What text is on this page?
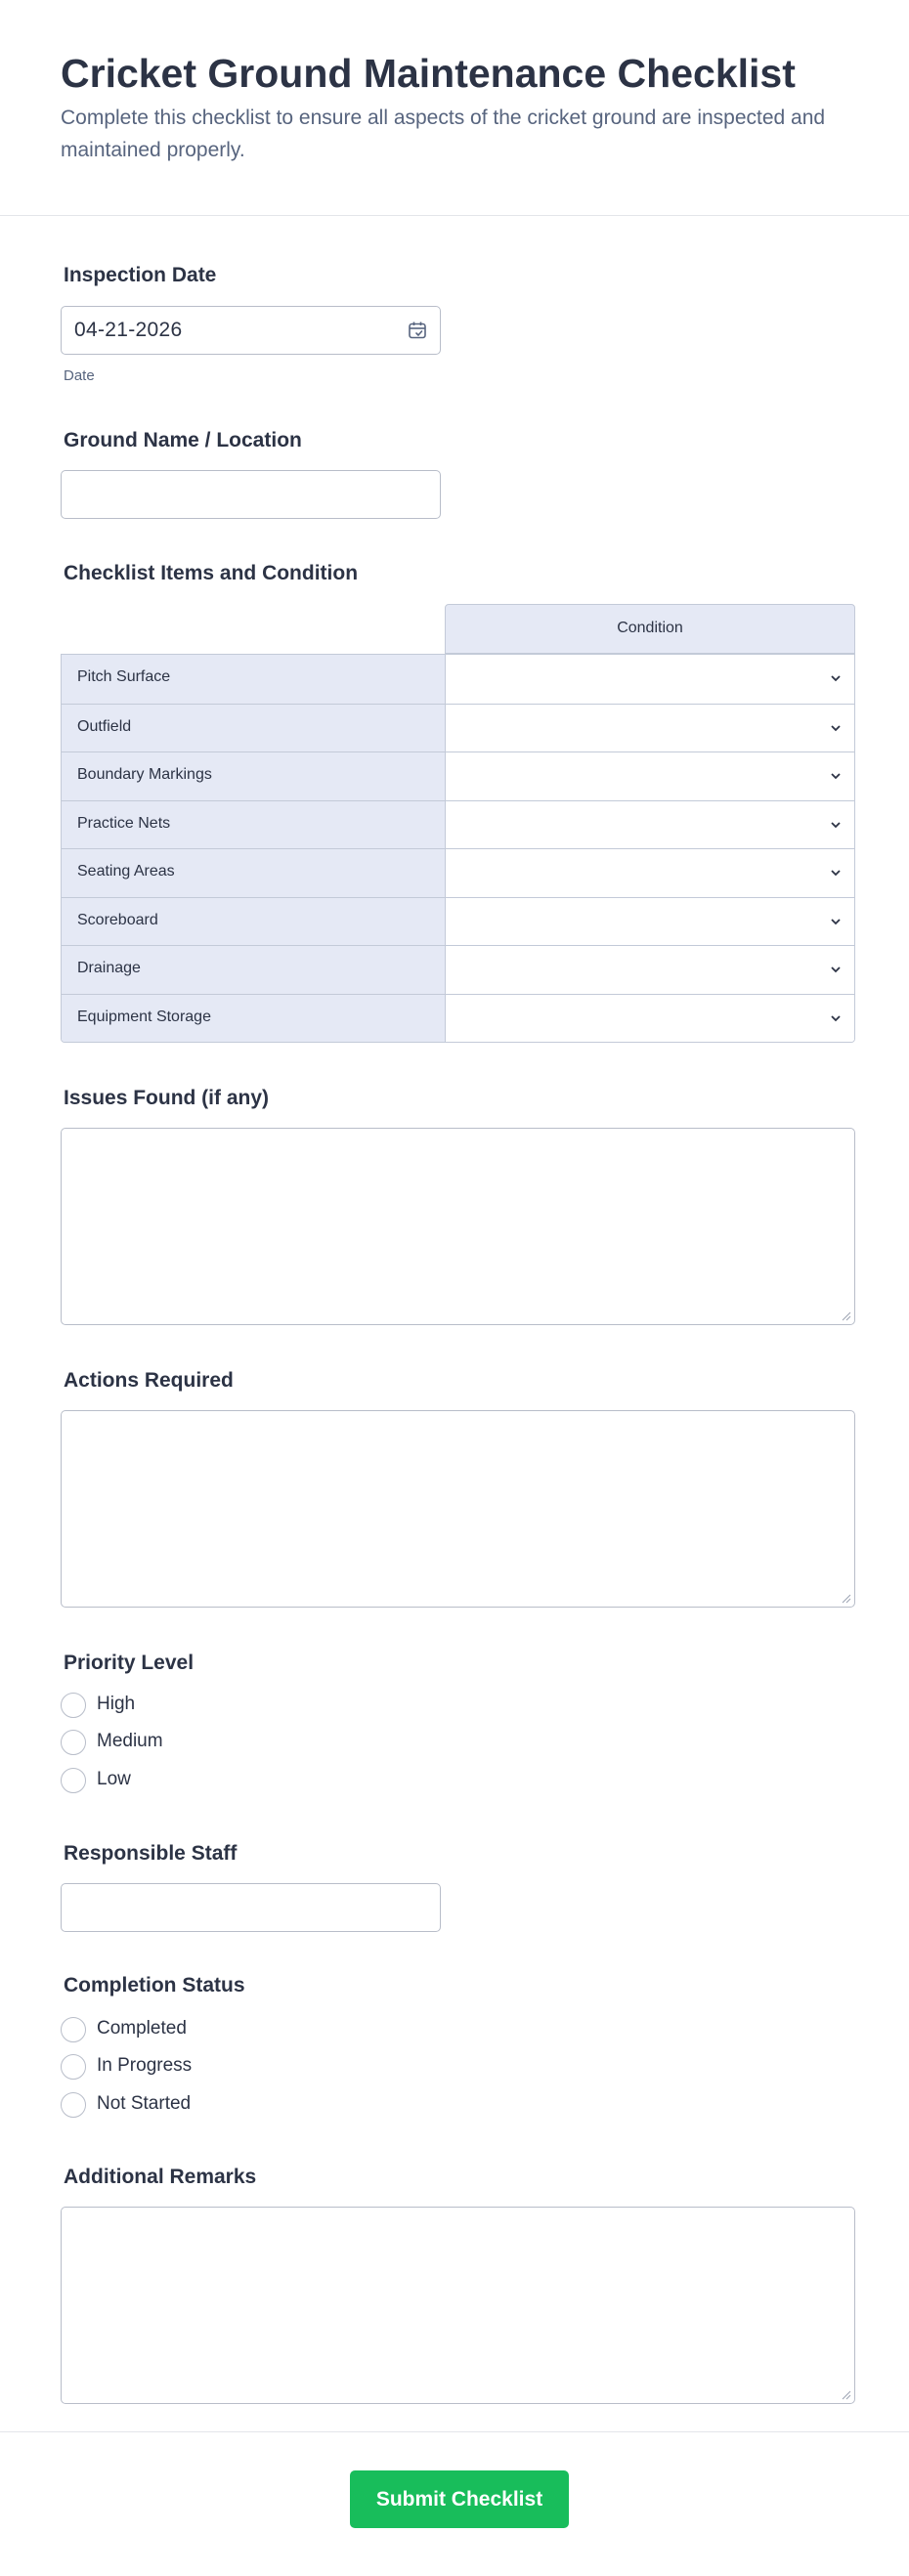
Cricket Ground Maintenance Checklist

Complete this checklist to ensure all aspects of the cricket ground are inspected and maintained properly.

Inspection Date
04-21-2026
Date
Ground Name / Location
Checklist Items and Condition
Condition
Pitch Surface
Outfield
Boundary Markings
Practice Nets
Seating Areas
Scoreboard
Drainage
Equipment Storage
Issues Found (if any)
Actions Required
Priority Level
High
Medium
Low
Responsible Staff
Completion Status
Completed
In Progress
Not Started
Additional Remarks
Submit Checklist
